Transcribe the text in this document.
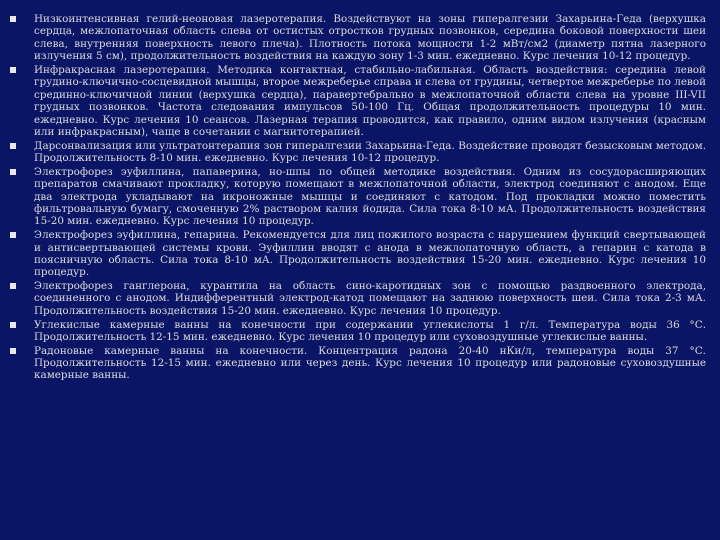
Низкоинтенсивная гелий-неоновая лазеротерапия. Воздействуют на зоны гипералгезии Захарьина-Геда (верхушка сердца, межлопаточная область слева от остистых отростков грудных позвонков, середина боковой поверхности шеи слева, внутренняя поверхность левого плеча). Плотность потока мощности 1-2 мВт/см2 (диаметр пятна лазерного излучения 5 см), продолжительность воздействия на каждую зону 1-3 мин. ежедневно. Курс лечения 10-12 процедур.
Инфракрасная лазеротерапия. Методика контактная, стабильно-лабильная. Область воздействия: середина левой грудино-ключично-сосцевидной мышцы, второе межреберье справа и слева от грудины, четвертое межреберье по левой срединно-ключичной линии (верхушка сердца), паравертебрально в межлопаточной области слева на уровне III-VII грудных позвонков. Частота следования импульсов 50-100 Гц. Общая продолжительность процедуры 10 мин. ежедневно. Курс лечения 10 сеансов. Лазерная терапия проводится, как правило, одним видом излучения (красным или инфракрасным), чаще в сочетании с магнитотерапией.
Дарсонвализация или ультратонтерапия зон гипералгезии Захарьина-Геда. Воздействие проводят безысковым методом. Продолжительность 8-10 мин. ежедневно. Курс лечения 10-12 процедур.
Электрофорез эуфиллина, папаверина, но-шпы по общей методике воздействия. Одним из сосудорасширяющих препаратов смачивают прокладку, которую помещают в межлопаточной области, электрод соединяют с анодом. Еще два электрода укладывают на икроножные мышцы и соединяют с катодом. Под прокладки можно поместить фильтровальную бумагу, смоченную 2% раствором калия йодида. Сила тока 8-10 мА. Продолжительность воздействия 15-20 мин. ежедневно. Курс лечения 10 процедур.
Электрофорез эуфиллина, гепарина. Рекомендуется для лиц пожилого возраста с нарушением функций свертывающей и антисвертывающей системы крови. Эуфиллин вводят с анода в межлопаточную область, а гепарин с катода в поясничную область. Сила тока 8-10 мА. Продолжительность воздействия 15-20 мин. ежедневно. Курс лечения 10 процедур.
Электрофорез ганглерона, курантила на область сино-каротидных зон с помощью раздвоенного электрода, соединенного с анодом. Индифферентный электрод-катод помещают на заднюю поверхность шеи. Сила тока 2-3 мА. Продолжительность воздействия 15-20 мин. ежедневно. Курс лечения 10 процедур.
Углекислые камерные ванны на конечности при содержании углекислоты 1 г/л. Температура воды 36 °С. Продолжительность 12-15 мин. ежедневно. Курс лечения 10 процедур или суховоздушные углекислые ванны.
Радоновые камерные ванны на конечности. Концентрация радона 20-40 нКи/л, температура воды 37 °С. Продолжительность 12-15 мин. ежедневно или через день. Курс лечения 10 процедур или радоновые суховоздушные камерные ванны.
